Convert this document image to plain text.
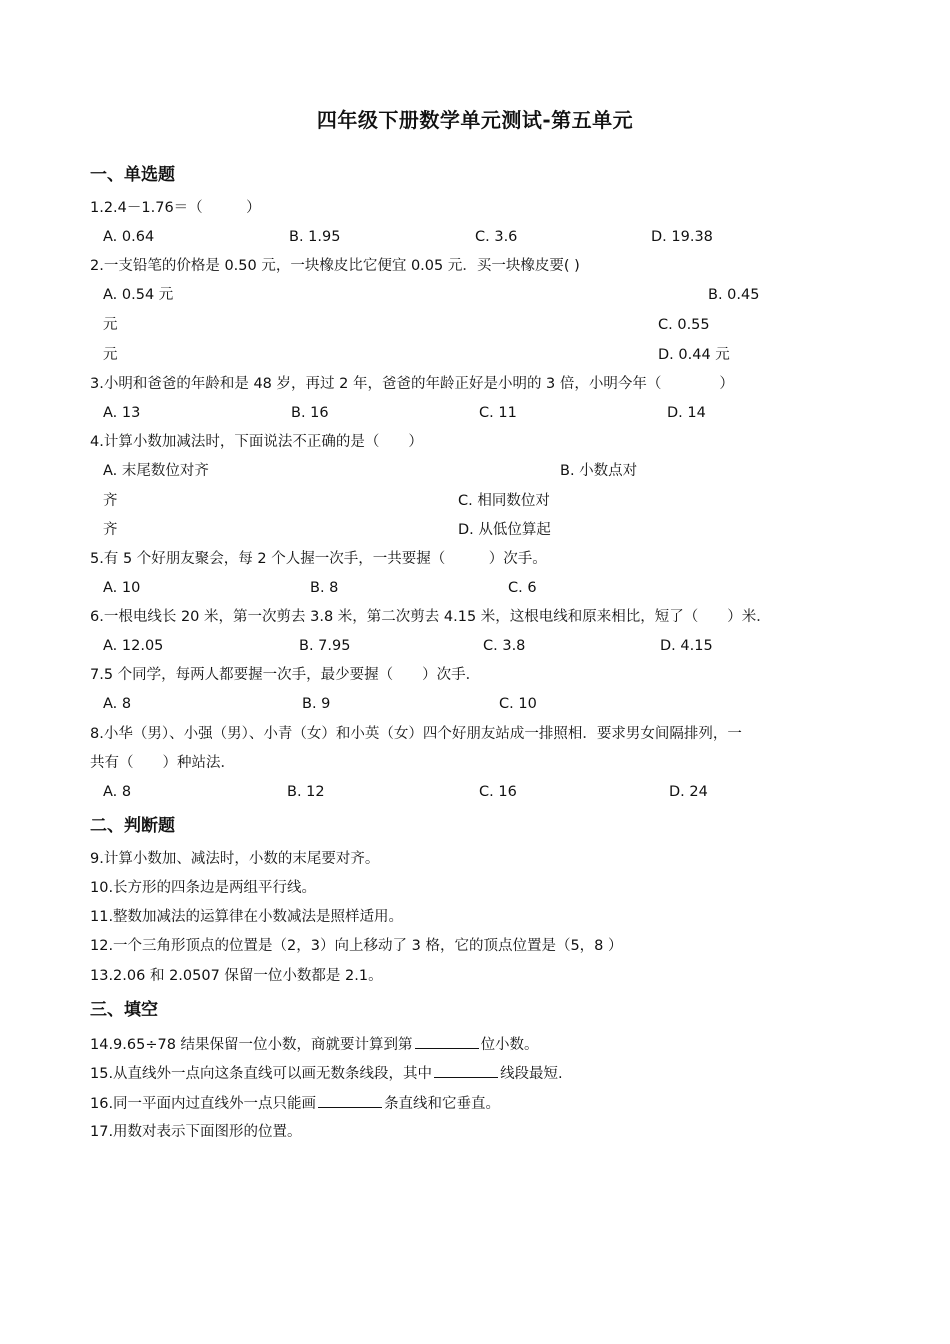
四年级下册数学单元测试-第五单元
一、单选题
1.2.4－1.76＝（　　　）
A. 0.64	B. 1.95	C. 3.6	D. 19.38
2.一支铅笔的价格是 0.50 元，一块橡皮比它便宜 0.05 元．买一块橡皮要( )
A. 0.54 元	B. 0.45
元	C. 0.55
元	D. 0.44 元
3.小明和爸爸的年龄和是 48 岁，再过 2 年，爸爸的年龄正好是小明的 3 倍，小明今年（　　　　）
A. 13	B. 16	C. 11	D. 14
4.计算小数加减法时，下面说法不正确的是（　　）
A. 末尾数位对齐	B. 小数点对
齐	C. 相同数位对
齐	D. 从低位算起
5.有 5 个好朋友聚会，每 2 个人握一次手，一共要握（　　　）次手。
A. 10	B. 8	C. 6
6.一根电线长 20 米，第一次剪去 3.8 米，第二次剪去 4.15 米，这根电线和原来相比，短了（　　）米．
A. 12.05	B. 7.95	C. 3.8	D. 4.15
7.5 个同学，每两人都要握一次手，最少要握（　　）次手．
A. 8	B. 9	C. 10
8.小华（男）、小强（男）、小青（女）和小英（女）四个好朋友站成一排照相．要求男女间隔排列，一
共有（　　）种站法．
A. 8	B. 12	C. 16	D. 24
二、判断题
9.计算小数加、减法时，小数的末尾要对齐。
10.长方形的四条边是两组平行线。
11.整数加减法的运算律在小数减法是照样适用。
12.一个三角形顶点的位置是（2，3）向上移动了 3 格，它的顶点位置是（5，8 ）
13.2.06 和 2.0507 保留一位小数都是 2.1。
三、填空
14.9.65÷78 结果保留一位小数，商就要计算到第	位小数。
15.从直线外一点向这条直线可以画无数条线段，其中	线段最短.
16.同一平面内过直线外一点只能画	条直线和它垂直。
17.用数对表示下面图形的位置。
